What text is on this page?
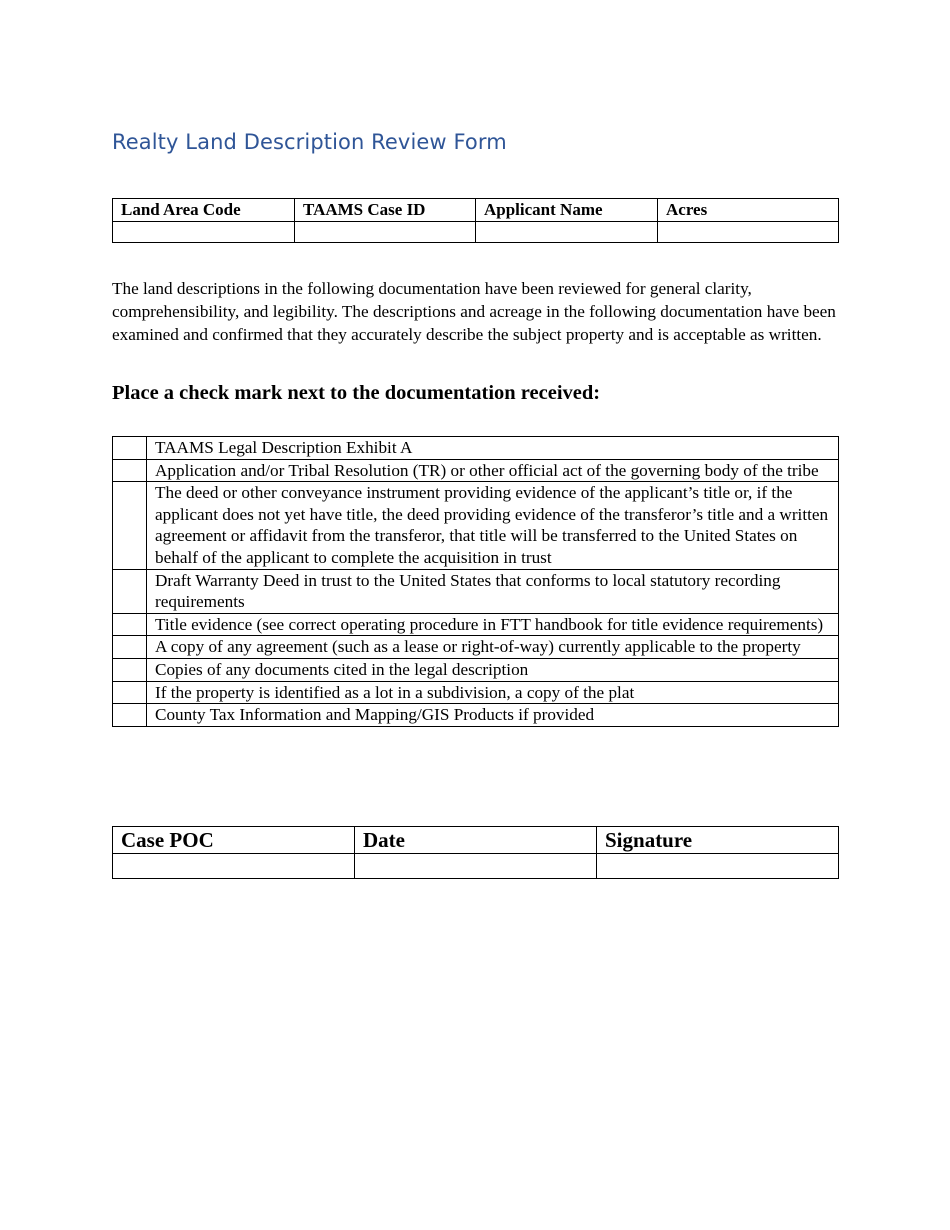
Realty Land Description Review Form
Land Area Code	TAAMS Case ID	Applicant Name	Acres

The land descriptions in the following documentation have been reviewed for general clarity, comprehensibility, and legibility. The descriptions and acreage in the following documentation have been examined and confirmed that they accurately describe the subject property and is acceptable as written.

Place a check mark next to the documentation received:
	TAAMS Legal Description Exhibit A
	Application and/or Tribal Resolution (TR) or other official act of the governing body of the tribe
	The deed or other conveyance instrument providing evidence of the applicant’s title or, if the applicant does not yet have title, the deed providing evidence of the transferor’s title and a written agreement or affidavit from the transferor, that title will be transferred to the United States on behalf of the applicant to complete the acquisition in trust
	Draft Warranty Deed in trust to the United States that conforms to local statutory recording requirements
	Title evidence (see correct operating procedure in FTT handbook for title evidence requirements)
	A copy of any agreement (such as a lease or right-of-way) currently applicable to the property
	Copies of any documents cited in the legal description
	If the property is identified as a lot in a subdivision, a copy of the plat
	County Tax Information and Mapping/GIS Products if provided
Case POC	Date	Signature
